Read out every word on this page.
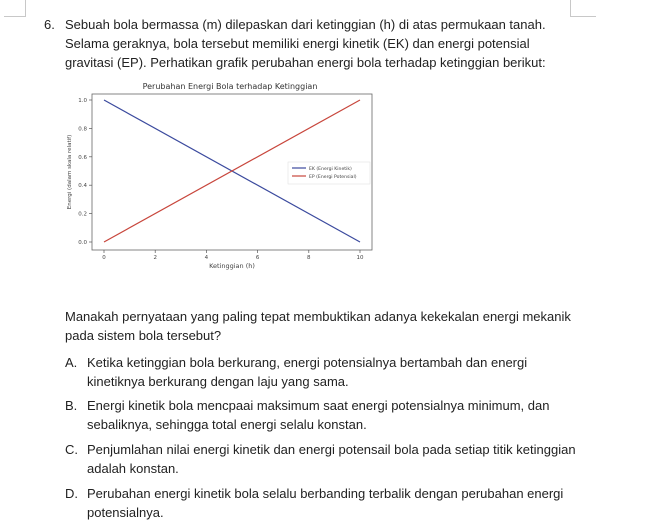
6. Sebuah bola bermassa (m) dilepaskan dari ketinggian (h) di atas permukaan tanah.
Selama geraknya, bola tersebut memiliki energi kinetik (EK) dan energi potensial
gravitasi (EP). Perhatikan grafik perubahan energi bola terhadap ketinggian berikut:

Perubahan Energi Bola terhadap Ketinggian
0.0
0.2
0.4
0.6
0.8
1.0
0	2	4	6	8	10
EK (Energi Kinetik)
EP (Energi Potensial)
Ketinggian (h)
Energi (dalam skala relatif)

Manakah pernyataan yang paling tepat membuktikan adanya kekekalan energi mekanik
pada sistem bola tersebut?

A. Ketika ketinggian bola berkurang, energi potensialnya bertambah dan energi
kinetiknya berkurang dengan laju yang sama.
B. Energi kinetik bola mencpaai maksimum saat energi potensialnya minimum, dan
sebaliknya, sehingga total energi selalu konstan.
C. Penjumlahan nilai energi kinetik dan energi potensail bola pada setiap titik ketinggian
adalah konstan.
D. Perubahan energi kinetik bola selalu berbanding terbalik dengan perubahan energi
potensialnya.
